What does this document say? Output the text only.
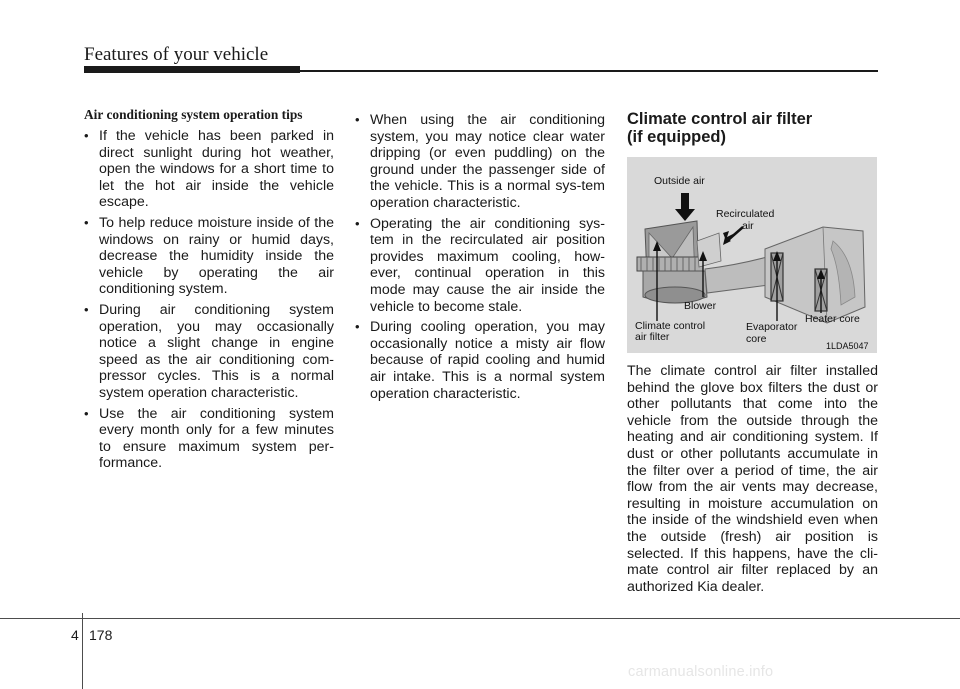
Features of your vehicle
Air conditioning system operation tips
• If the vehicle has been parked in direct sunlight during hot weather, open the windows for a short time to let the hot air inside the vehicle escape.
• To help reduce moisture inside of the windows on rainy or humid days, decrease the humidity inside the vehicle by operating the air conditioning system.
• During air conditioning system operation, you may occasionally notice a slight change in engine speed as the air conditioning com-pressor cycles. This is a normal system operation characteristic.
• Use the air conditioning system every month only for a few minutes to ensure maximum system per-formance.
• When using the air conditioning system, you may notice clear water dripping (or even puddling) on the ground under the passenger side of the vehicle. This is a normal sys-tem operation characteristic.
• Operating the air conditioning sys-tem in the recirculated air position provides maximum cooling, how-ever, continual operation in this mode may cause the air inside the vehicle to become stale.
• During cooling operation, you may occasionally notice a misty air flow because of rapid cooling and humid air intake. This is a normal system operation characteristic.
Climate control air filter
(if equipped)
Outside air
Recirculated
air
Blower
Climate control
air filter
Evaporator
core
Heater core
1LDA5047
The climate control air filter installed behind the glove box filters the dust or other pollutants that come into the vehicle from the outside through the heating and air conditioning system. If dust or other pollutants accumulate in the filter over a period of time, the air flow from the air vents may decrease, resulting in moisture accumulation on the inside of the windshield even when the outside (fresh) air position is selected. If this happens, have the cli-mate control air filter replaced by an authorized Kia dealer.
4 178
carmanualsonline.info
